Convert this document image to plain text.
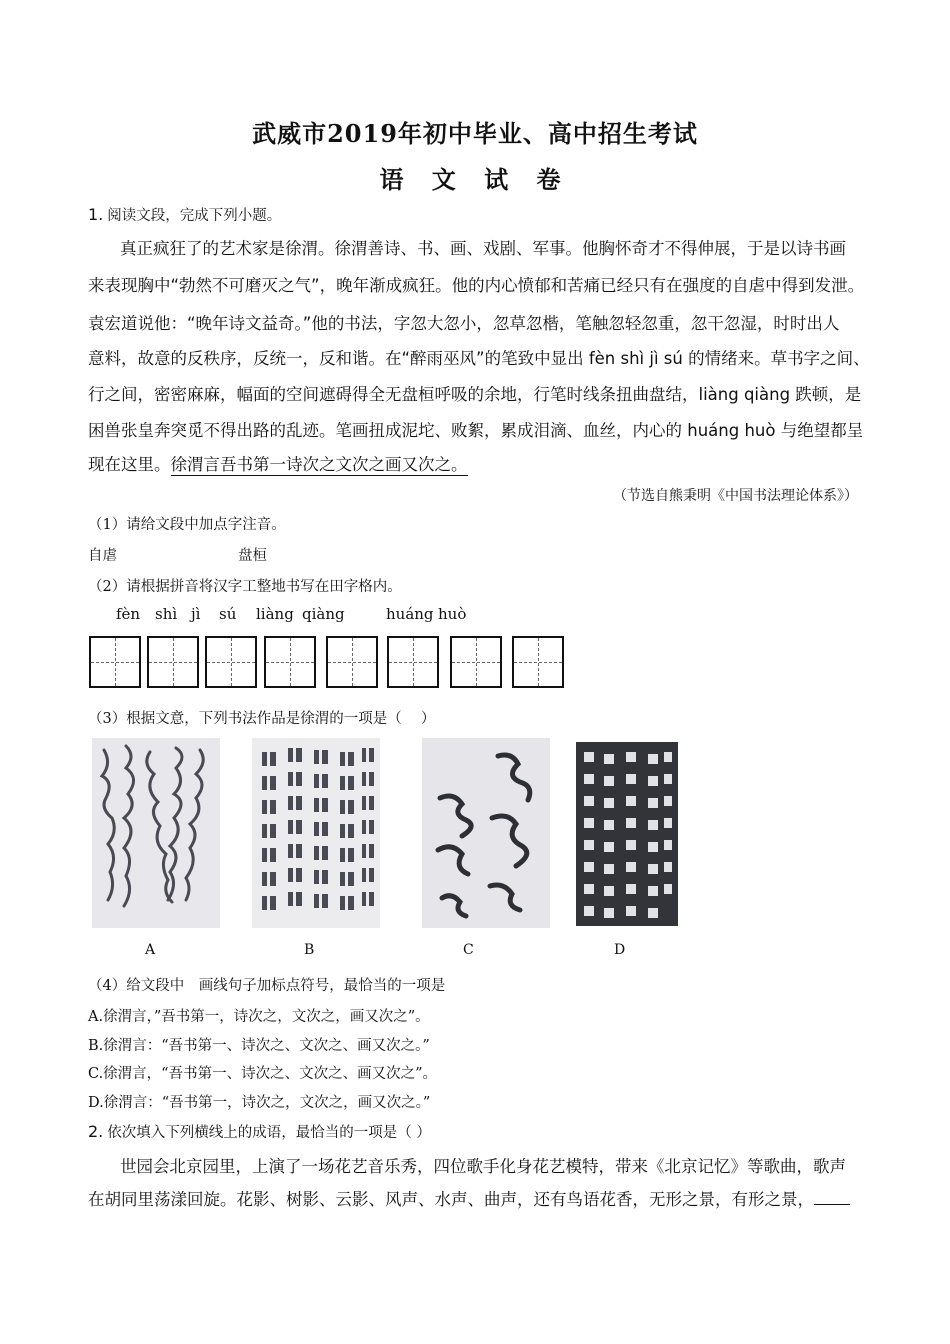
武威市2019年初中毕业、高中招生考试
语 文 试 卷
1. 阅读文段，完成下列小题。
真正疯狂了的艺术家是徐渭。徐渭善诗、书、画、戏剧、军事。他胸怀奇才不得伸展，于是以诗书画
来表现胸中“勃然不可磨灭之气”，晚年渐成疯狂。他的内心愤郁和苦痛已经只有在强度的自虐中得到发泄。
袁宏道说他：“晚年诗文益奇。”他的书法，字忽大忽小，忽草忽楷，笔触忽轻忽重，忽干忽湿，时时出人
意料，故意的反秩序，反统一，反和谐。在“醉雨巫风”的笔致中显出 fèn shì jì sú 的情绪来。草书字之间、
行之间，密密麻麻，幅面的空间遮碍得全无盘桓呼吸的余地，行笔时线条扭曲盘结，liàng qiàng 跌顿，是
困兽张皇奔突觅不得出路的乱迹。笔画扭成泥坨、败絮，累成泪滴、血丝，内心的 huáng huò 与绝望都呈
现在这里。徐渭言吾书第一诗次之文次之画又次之。
（节选自熊秉明《中国书法理论体系》）
（1）请给文段中加点字注音。
自虐	盘桓
（2）请根据拼音将汉字工整地书写在田字格内。
fèn shì jì sú liàng qiàng	huáng huò
（3）根据文意，下列书法作品是徐渭的一项是（　 ）
A	B	C	D
（4）给文段中　画线句子加标点符号，最恰当的一项是
A.徐渭言，”吾书第一，诗次之，文次之，画又次之”。
B.徐渭言：“吾书第一、诗次之、文次之、画又次之。”
C.徐渭言，“吾书第一、诗次之、文次之、画又次之”。
D.徐渭言：“吾书第一，诗次之，文次之，画又次之。”
2. 依次填入下列横线上的成语，最恰当的一项是（ ）
世园会北京园里，上演了一场花艺音乐秀，四位歌手化身花艺模特，带来《北京记忆》等歌曲，歌声
在胡同里荡漾回旋。花影、树影、云影、风声、水声、曲声，还有鸟语花香，无形之景，有形之景，
